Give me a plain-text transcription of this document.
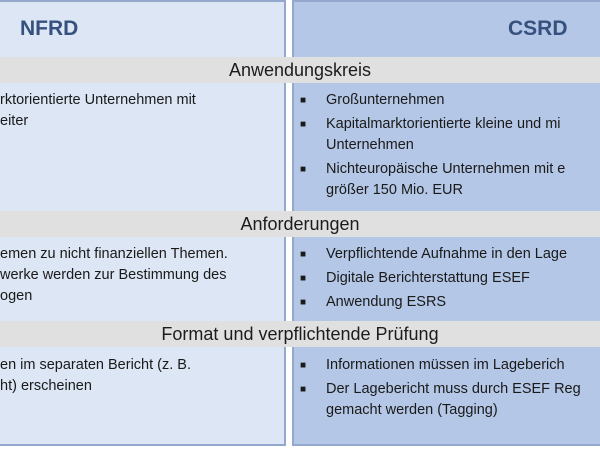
NFRD	CSRD
Anwendungskreis
rktorientierte Unternehmen mit
eiter
■ Großunternehmen
■ Kapitalmarktorientierte kleine und mi
Unternehmen
■ Nichteuropäische Unternehmen mit e
größer 150 Mio. EUR
Anforderungen
emen zu nicht finanziellen Themen.
werke werden zur Bestimmung des
ogen
■ Verpflichtende Aufnahme in den Lage
■ Digitale Berichterstattung ESEF
■ Anwendung ESRS
Format und verpflichtende Prüfung
en im separaten Bericht (z. B.
ht) erscheinen
■ Informationen müssen im Lageberich
■ Der Lagebericht muss durch ESEF Reg
gemacht werden (Tagging)
